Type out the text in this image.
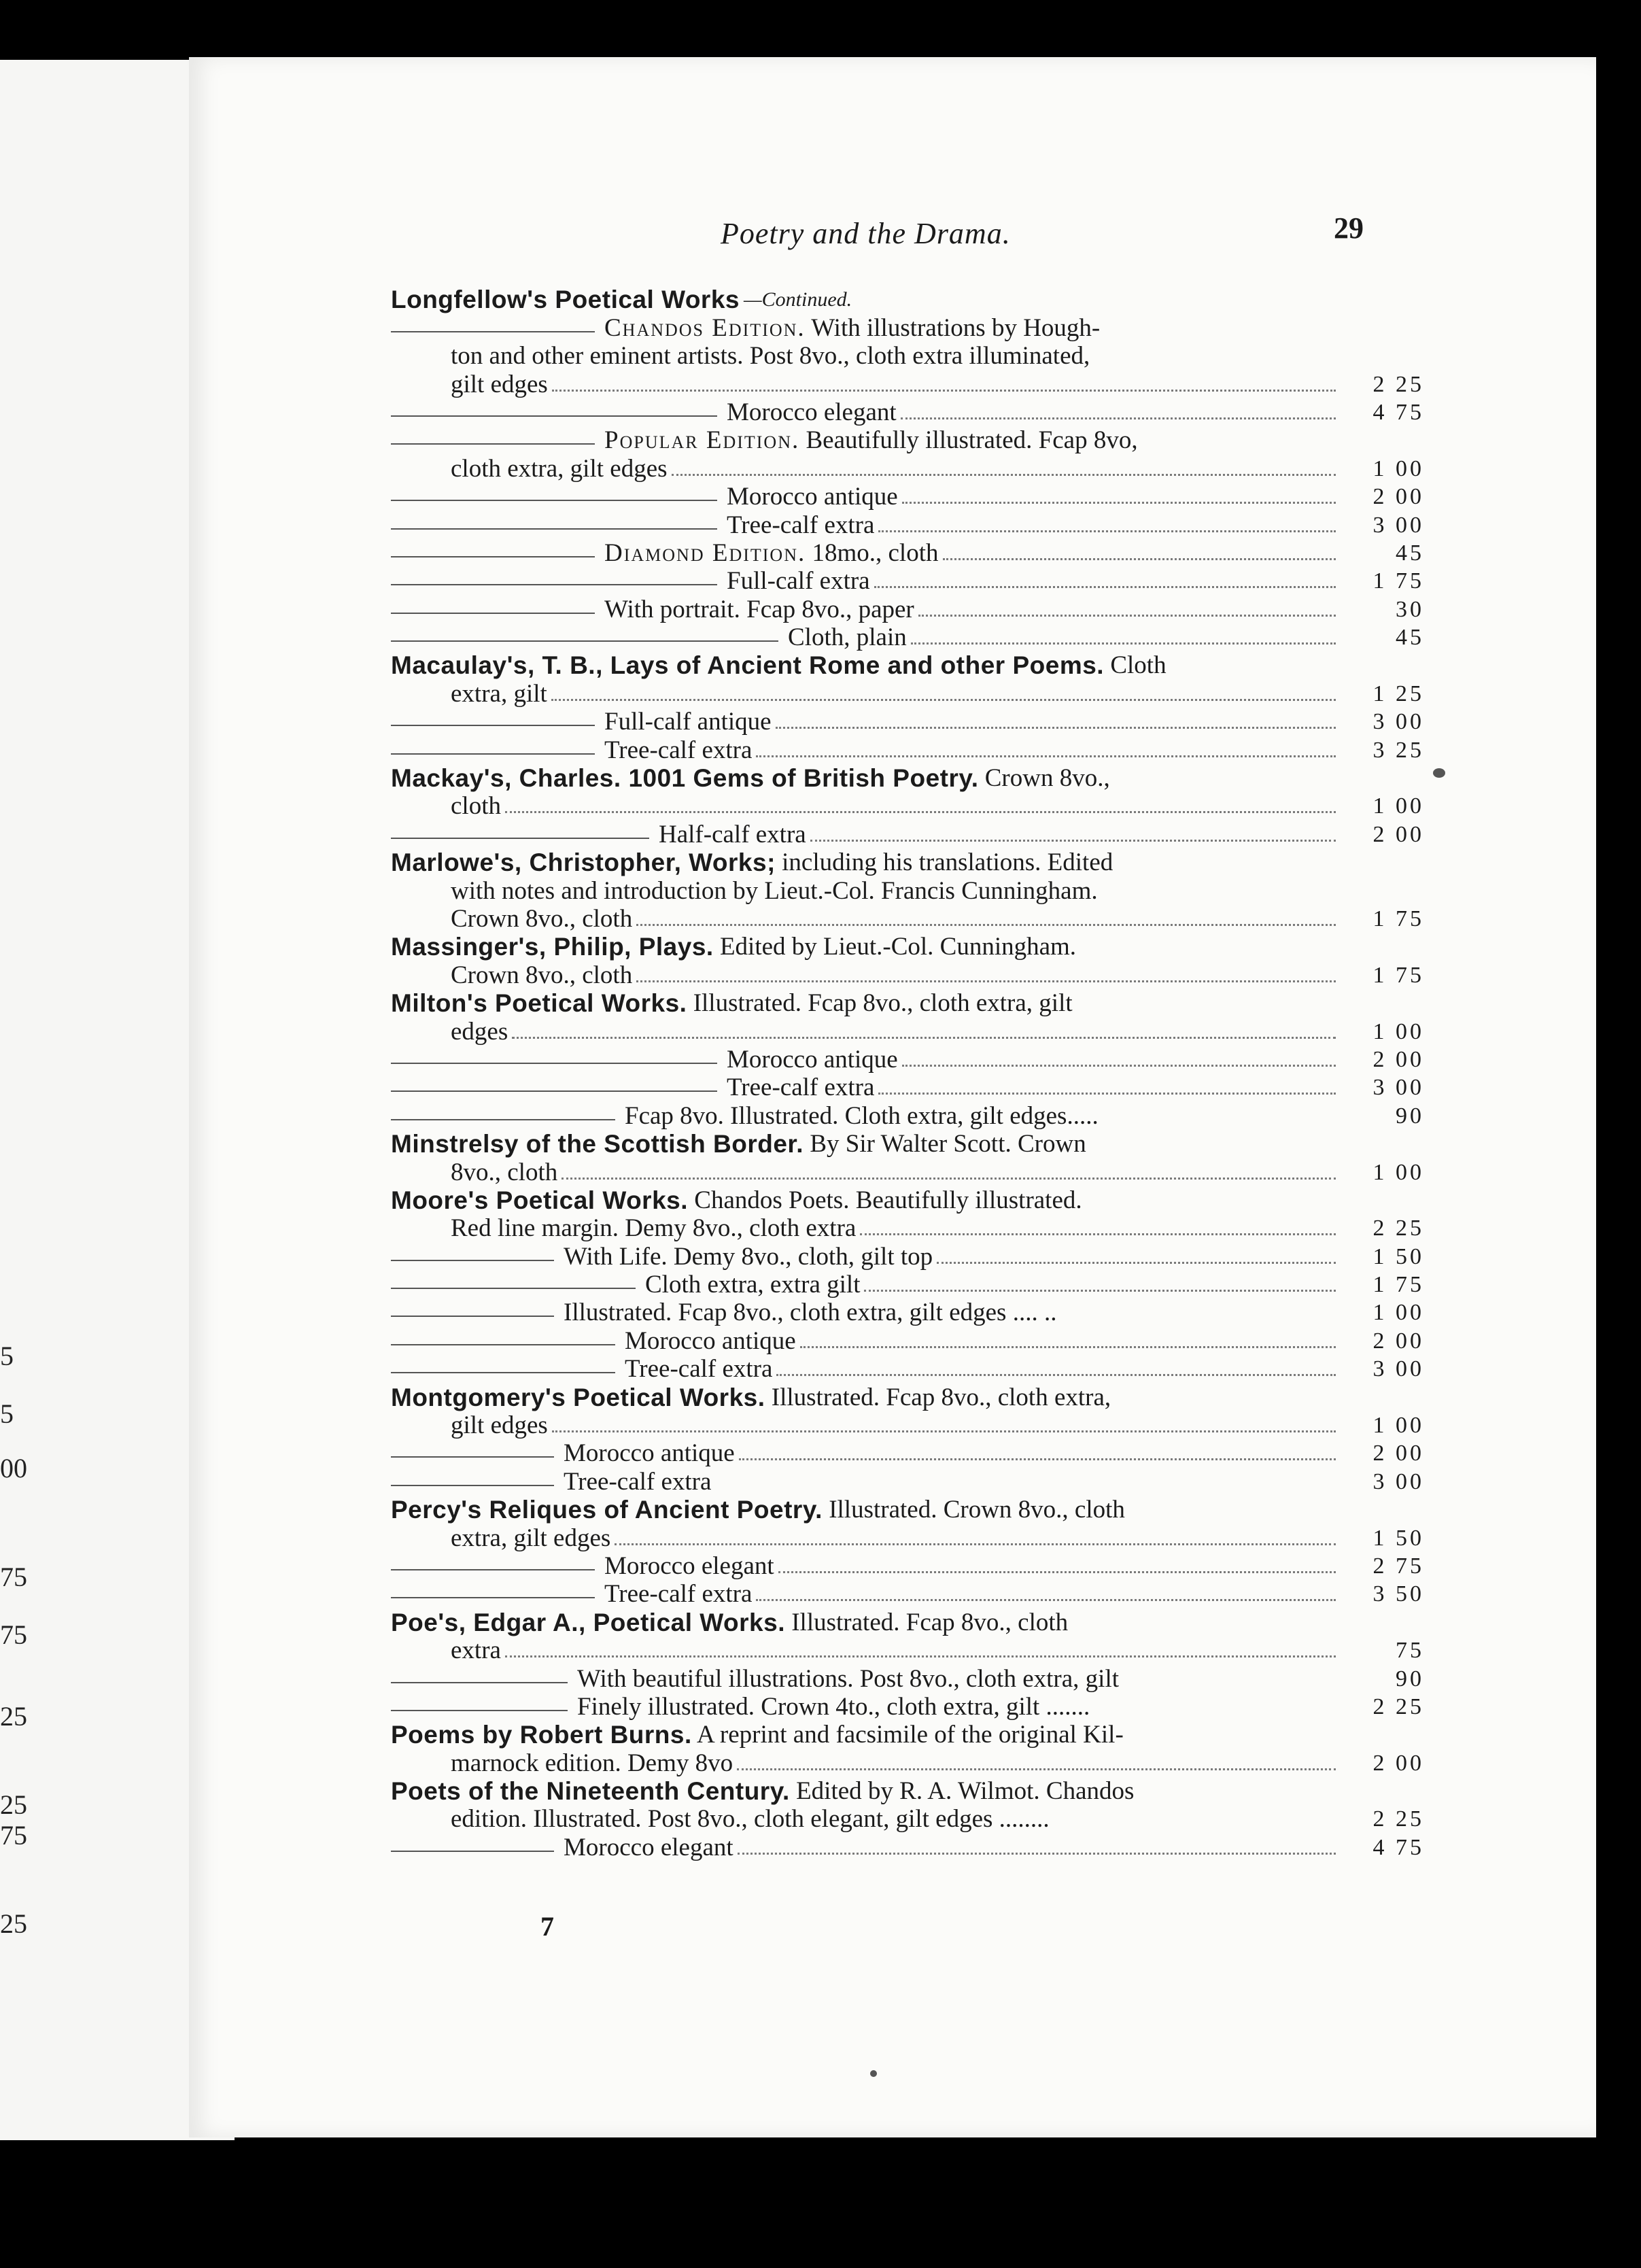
5
5
00
75
75
25
25
75
25
Poetry and the Drama.	29
Longfellow's Poetical Works —Continued.
Chandos Edition. With illustrations by Hough-
ton and other eminent artists. Post 8vo., cloth extra illuminated,
gilt edges	2 25
Morocco elegant	4 75
Popular Edition. Beautifully illustrated. Fcap 8vo,
cloth extra, gilt edges	1 00
Morocco antique	2 00
Tree-calf extra	3 00
Diamond Edition. 18mo., cloth	45
Full-calf extra	1 75
With portrait. Fcap 8vo., paper	30
Cloth, plain	45
Macaulay's, T. B., Lays of Ancient Rome and other Poems. Cloth
extra, gilt	1 25
Full-calf antique	3 00
Tree-calf extra	3 25
Mackay's, Charles. 1001 Gems of British Poetry. Crown 8vo.,
cloth	1 00
Half-calf extra	2 00
Marlowe's, Christopher, Works; including his translations. Edited
with notes and introduction by Lieut.-Col. Francis Cunningham.
Crown 8vo., cloth	1 75
Massinger's, Philip, Plays. Edited by Lieut.-Col. Cunningham.
Crown 8vo., cloth	1 75
Milton's Poetical Works. Illustrated. Fcap 8vo., cloth extra, gilt
edges	1 00
Morocco antique	2 00
Tree-calf extra	3 00
Fcap 8vo. Illustrated. Cloth extra, gilt edges.....	90
Minstrelsy of the Scottish Border. By Sir Walter Scott. Crown
8vo., cloth	1 00
Moore's Poetical Works. Chandos Poets. Beautifully illustrated.
Red line margin. Demy 8vo., cloth extra	2 25
With Life. Demy 8vo., cloth, gilt top	1 50
Cloth extra, extra gilt	1 75
Illustrated. Fcap 8vo., cloth extra, gilt edges .... ..	1 00
Morocco antique	2 00
Tree-calf extra	3 00
Montgomery's Poetical Works. Illustrated. Fcap 8vo., cloth extra,
gilt edges	1 00
Morocco antique	2 00
Tree-calf extra	3 00
Percy's Reliques of Ancient Poetry. Illustrated. Crown 8vo., cloth
extra, gilt edges	1 50
Morocco elegant	2 75
Tree-calf extra	3 50
Poe's, Edgar A., Poetical Works. Illustrated. Fcap 8vo., cloth
extra	75
With beautiful illustrations. Post 8vo., cloth extra, gilt	90
Finely illustrated. Crown 4to., cloth extra, gilt .......	2 25
Poems by Robert Burns. A reprint and facsimile of the original Kil-
marnock edition. Demy 8vo	2 00
Poets of the Nineteenth Century. Edited by R. A. Wilmot. Chandos
edition. Illustrated. Post 8vo., cloth elegant, gilt edges ........	2 25
Morocco elegant	4 75
7
